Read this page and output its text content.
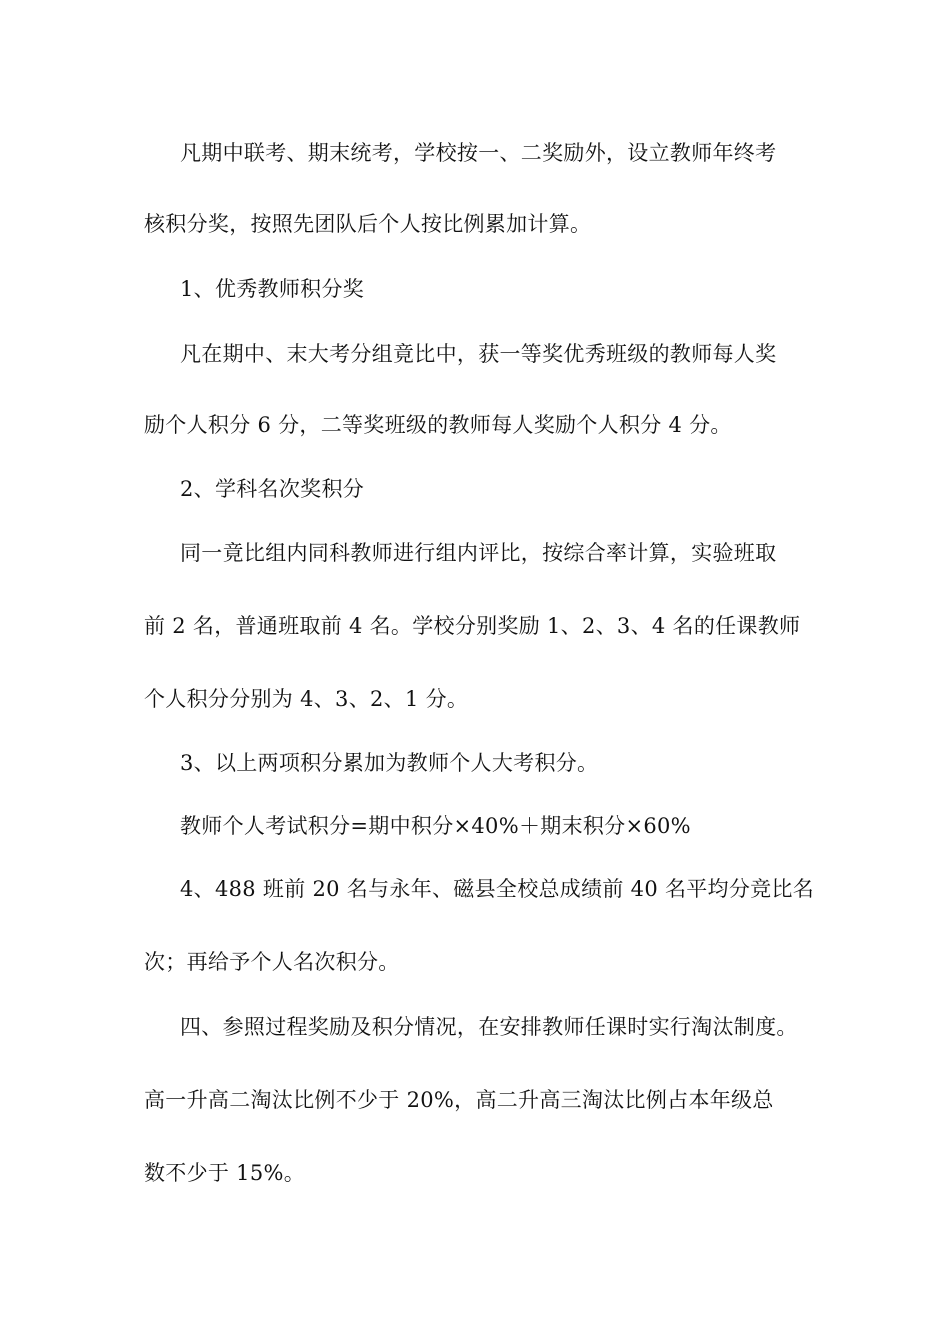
凡期中联考、期末统考，学校按一、二奖励外，设立教师年终考
核积分奖，按照先团队后个人按比例累加计算。
1、优秀教师积分奖
凡在期中、末大考分组竟比中，获一等奖优秀班级的教师每人奖
励个人积分 6 分，二等奖班级的教师每人奖励个人积分 4 分。
2、学科名次奖积分
同一竟比组内同科教师进行组内评比，按综合率计算，实验班取
前 2 名，普通班取前 4 名。学校分别奖励 1、2、3、4 名的任课教师
个人积分分别为 4、3、2、1 分。
3、以上两项积分累加为教师个人大考积分。
教师个人考试积分=期中积分×40%＋期末积分×60%
4、488 班前 20 名与永年、磁县全校总成绩前 40 名平均分竞比名
次；再给予个人名次积分。
四、参照过程奖励及积分情况，在安排教师任课时实行淘汰制度。
高一升高二淘汰比例不少于 20%，高二升高三淘汰比例占本年级总
数不少于 15%。
